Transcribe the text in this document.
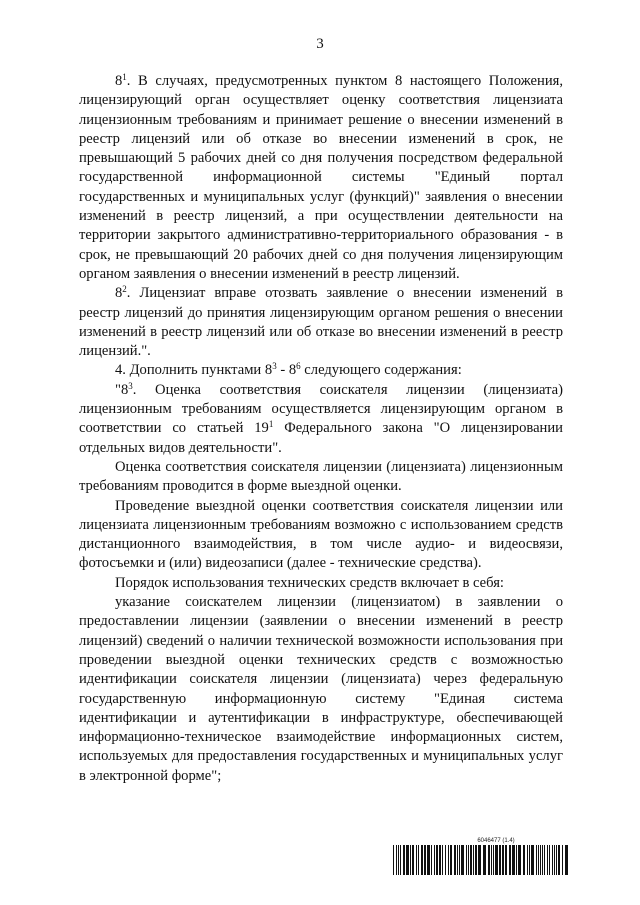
3

$8^1$. В случаях, предусмотренных пунктом 8 настоящего Положения, лицензирующий орган осуществляет оценку соответствия лицензиата лицензионным требованиям и принимает решение о внесении изменений в реестр лицензий или об отказе во внесении изменений в срок, не превышающий 5 рабочих дней со дня получения посредством федеральной государственной информационной системы "Единый портал государственных и муниципальных услуг (функций)" заявления о внесении изменений в реестр лицензий, а при осуществлении деятельности на территории закрытого административно-территориального образования - в срок, не превышающий 20 рабочих дней со дня получения лицензирующим органом заявления о внесении изменений в реестр лицензий.

$8^2$. Лицензиат вправе отозвать заявление о внесении изменений в реестр лицензий до принятия лицензирующим органом решения о внесении изменений в реестр лицензий или об отказе во внесении изменений в реестр лицензий.".

4. Дополнить пунктами $8^3 - 8^6$ следующего содержания:

"$8^3$. Оценка соответствия соискателя лицензии (лицензиата) лицензионным требованиям осуществляется лицензирующим органом в соответствии со статьей $19^1$ Федерального закона "О лицензировании отдельных видов деятельности".

Оценка соответствия соискателя лицензии (лицензиата) лицензионным требованиям проводится в форме выездной оценки.

Проведение выездной оценки соответствия соискателя лицензии или лицензиата лицензионным требованиям возможно с использованием средств дистанционного взаимодействия, в том числе аудио- и видеосвязи, фотосъемки и (или) видеозаписи (далее - технические средства).

Порядок использования технических средств включает в себя:

указание соискателем лицензии (лицензиатом) в заявлении о предоставлении лицензии (заявлении о внесении изменений в реестр лицензий) сведений о наличии технической возможности использования при проведении выездной оценки технических средств с возможностью идентификации соискателя лицензии (лицензиата) через федеральную государственную информационную систему "Единая система идентификации и аутентификации в инфраструктуре, обеспечивающей информационно-техническое взаимодействие информационных систем, используемых для предоставления государственных и муниципальных услуг в электронной форме";

6046477 (1.4)
